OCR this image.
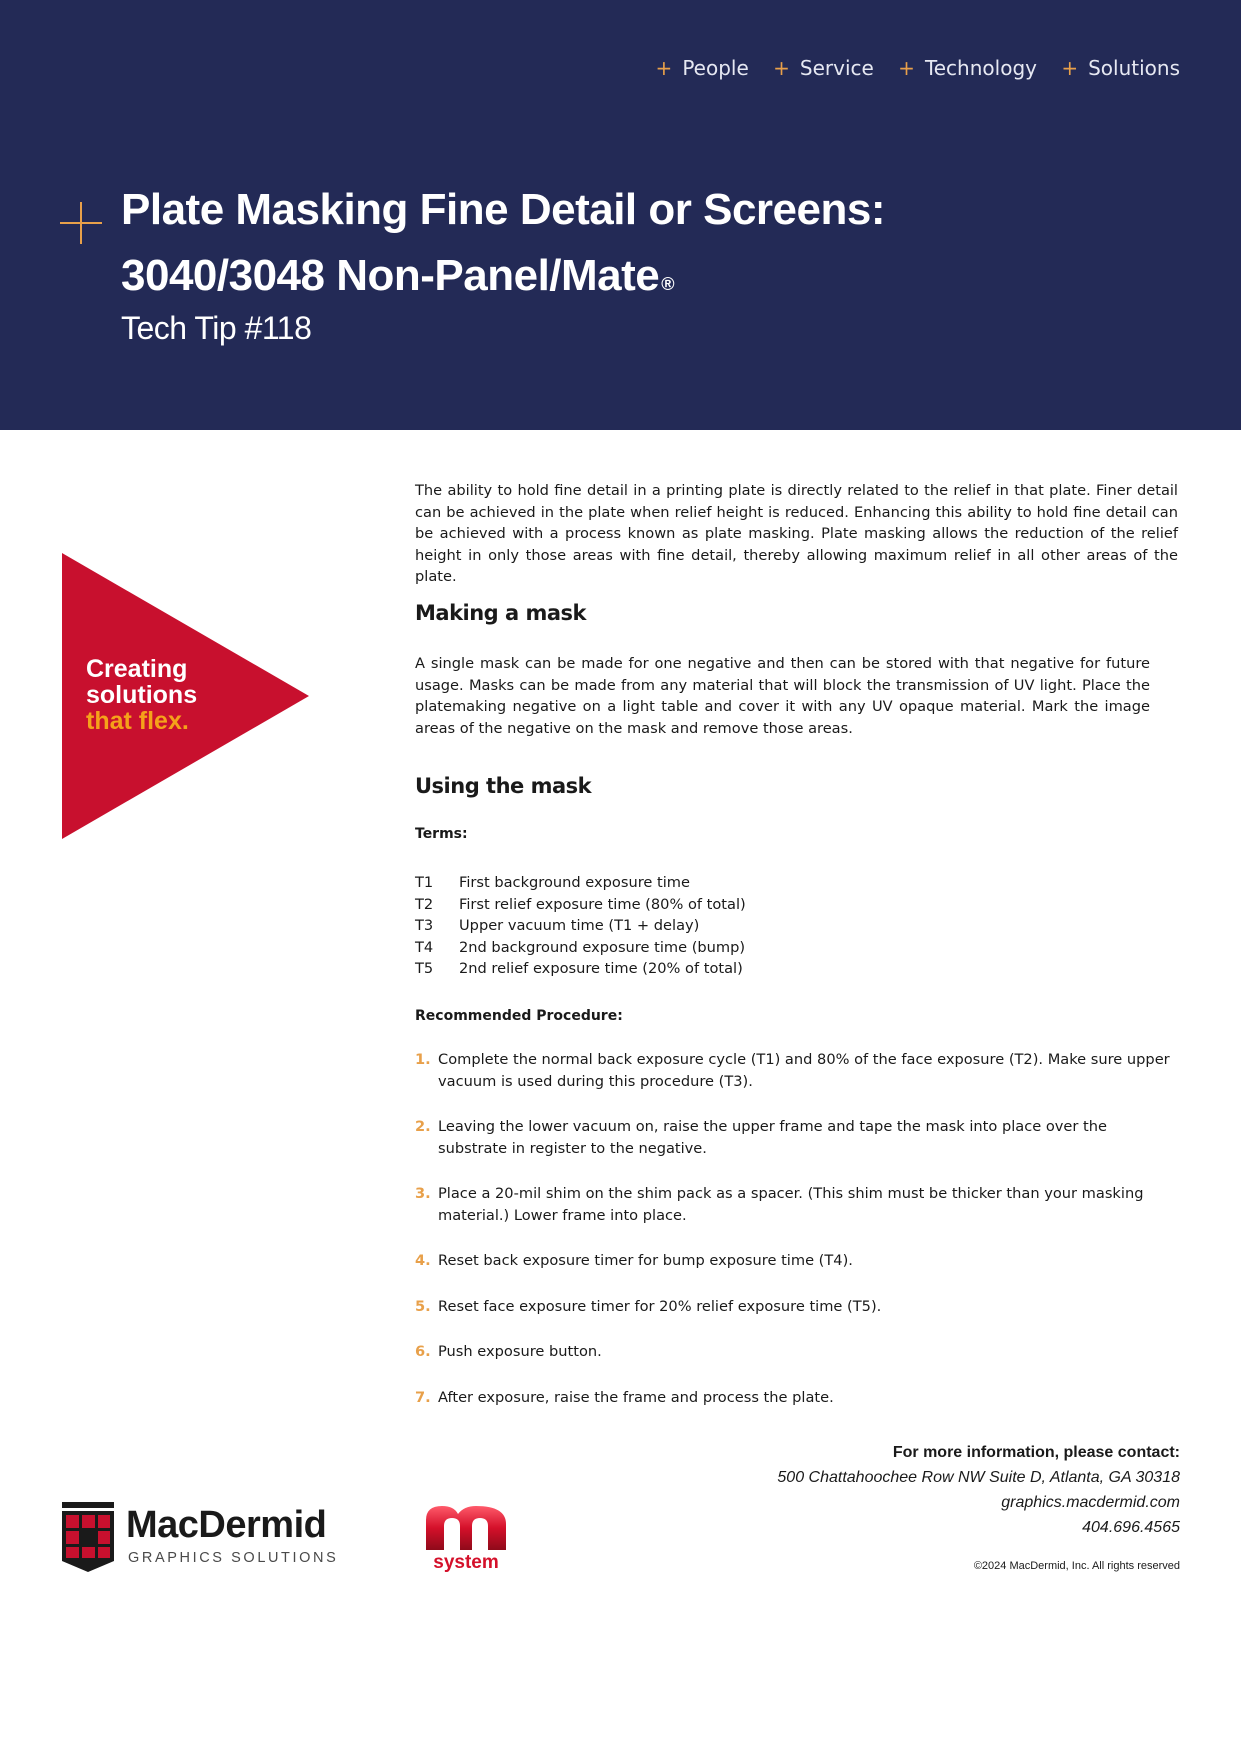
+ People + Service + Technology + Solutions
Plate Masking Fine Detail or Screens:
3040/3048 Non-Panel/Mate ®
Tech Tip #118
Creating
solutions
that flex.

The ability to hold fine detail in a printing plate is directly related to the relief in that plate. Finer detail can be achieved in the plate when relief height is reduced. Enhancing this ability to hold fine detail can be achieved with a process known as plate masking. Plate masking allows the reduction of the relief height in only those areas with fine detail, thereby allowing maximum relief in all other areas of the plate.

Making a mask

A single mask can be made for one negative and then can be stored with that negative for future usage. Masks can be made from any material that will block the transmission of UV light. Place the platemaking negative on a light table and cover it with any UV opaque material. Mark the image areas of the negative on the mask and remove those areas.

Using the mask
Terms:
T1 First background exposure time
T2 First relief exposure time (80% of total)
T3 Upper vacuum time (T1 + delay)
T4 2nd background exposure time (bump)
T5 2nd relief exposure time (20% of total)
Recommended Procedure:
1. Complete the normal back exposure cycle (T1) and 80% of the face exposure (T2). Make sure upper vacuum is used during this procedure (T3).
2. Leaving the lower vacuum on, raise the upper frame and tape the mask into place over the substrate in register to the negative.
3. Place a 20-mil shim on the shim pack as a spacer. (This shim must be thicker than your masking material.) Lower frame into place.
4. Reset back exposure timer for bump exposure time (T4).
5. Reset face exposure timer for 20% relief exposure time (T5).
6. Push exposure button.
7. After exposure, raise the frame and process the plate.
For more information, please contact:
500 Chattahoochee Row NW Suite D, Atlanta, GA 30318
graphics.macdermid.com
404.696.4565
©2024 MacDermid, Inc. All rights reserved
MacDermid
GRAPHICS SOLUTIONS	system
